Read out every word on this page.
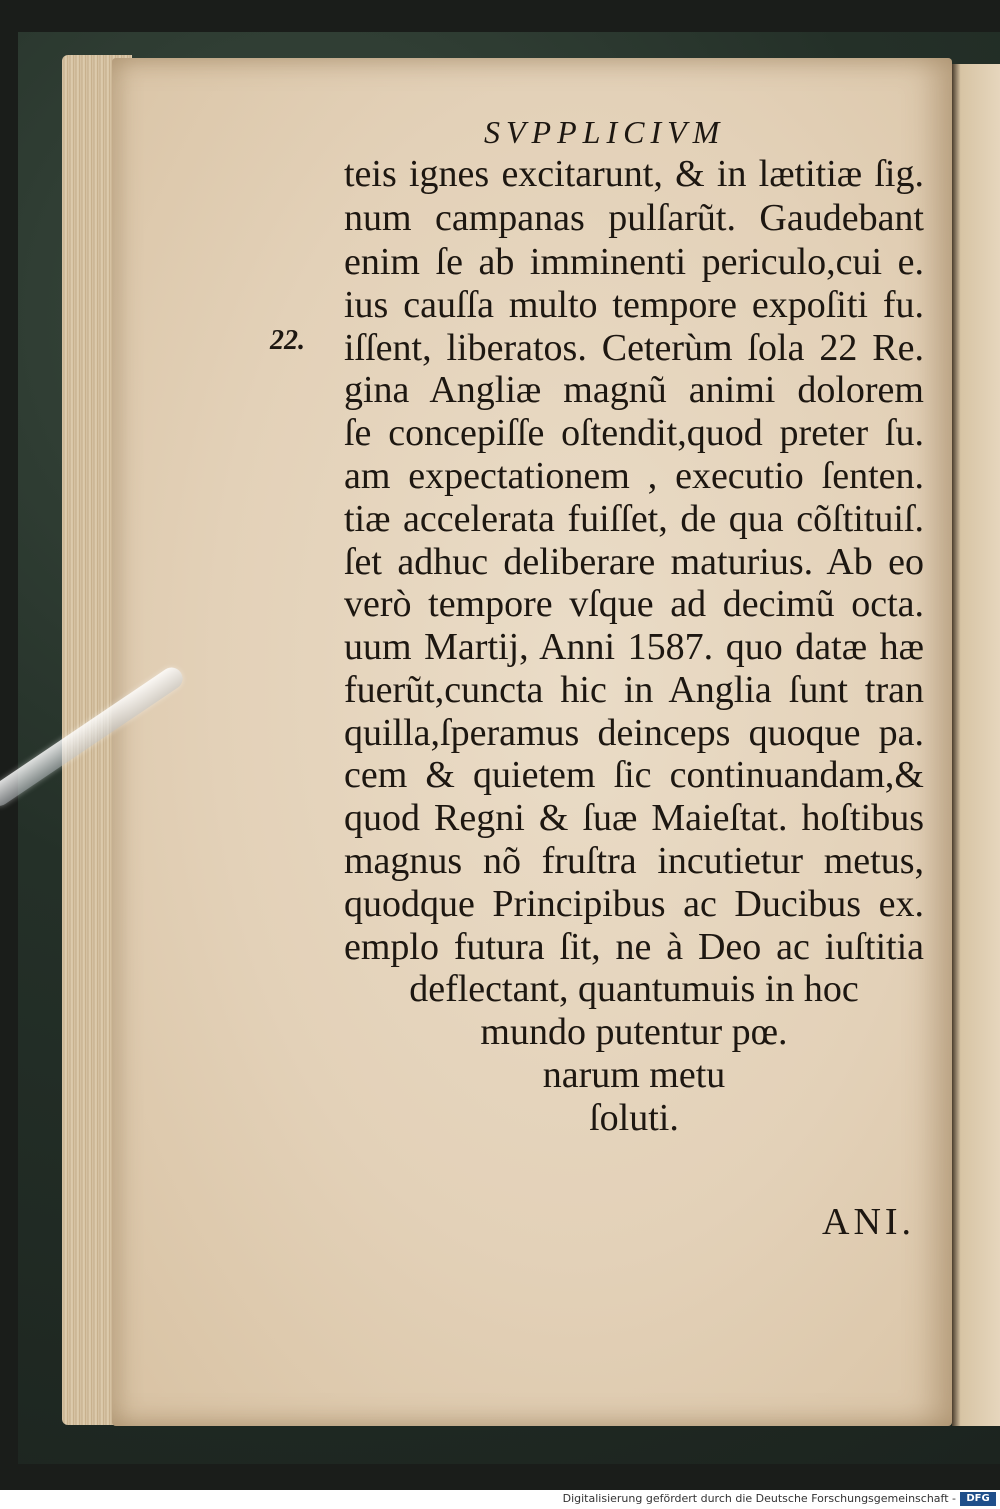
SVPPLICIVM
22.
teis ignes excitarunt, & in lætitiæ ſig.
num campanas pulſarũt. Gaudebant
enim ſe ab imminenti periculo,cui e.
ius cauſſa multo tempore expoſiti fu.
iſſent, liberatos. Ceterùm ſola 22 Re.
gina Angliæ magnũ animi dolorem
ſe concepiſſe oſtendit,quod preter ſu.
am expectationem , executio ſenten.
tiæ accelerata fuiſſet, de qua cõſtituiſ.
ſet adhuc deliberare maturius. Ab eo
verò tempore vſque ad decimũ octa.
uum Martij, Anni 1587. quo datæ hæ
fuerũt,cuncta hic in Anglia ſunt tran
quilla,ſperamus deinceps quoque pa.
cem & quietem ſic continuandam,&
quod Regni & ſuæ Maieſtat. hoſtibus
magnus nõ fruſtra incutietur metus,
quodque Principibus ac Ducibus ex.
emplo futura ſit, ne à Deo ac iuſtitia
deflectant, quantumuis in hoc
mundo putentur pœ.
narum metu
ſoluti.
ANI.
Digitalisierung gefördert durch die Deutsche Forschungsgemeinschaft -	DFG
